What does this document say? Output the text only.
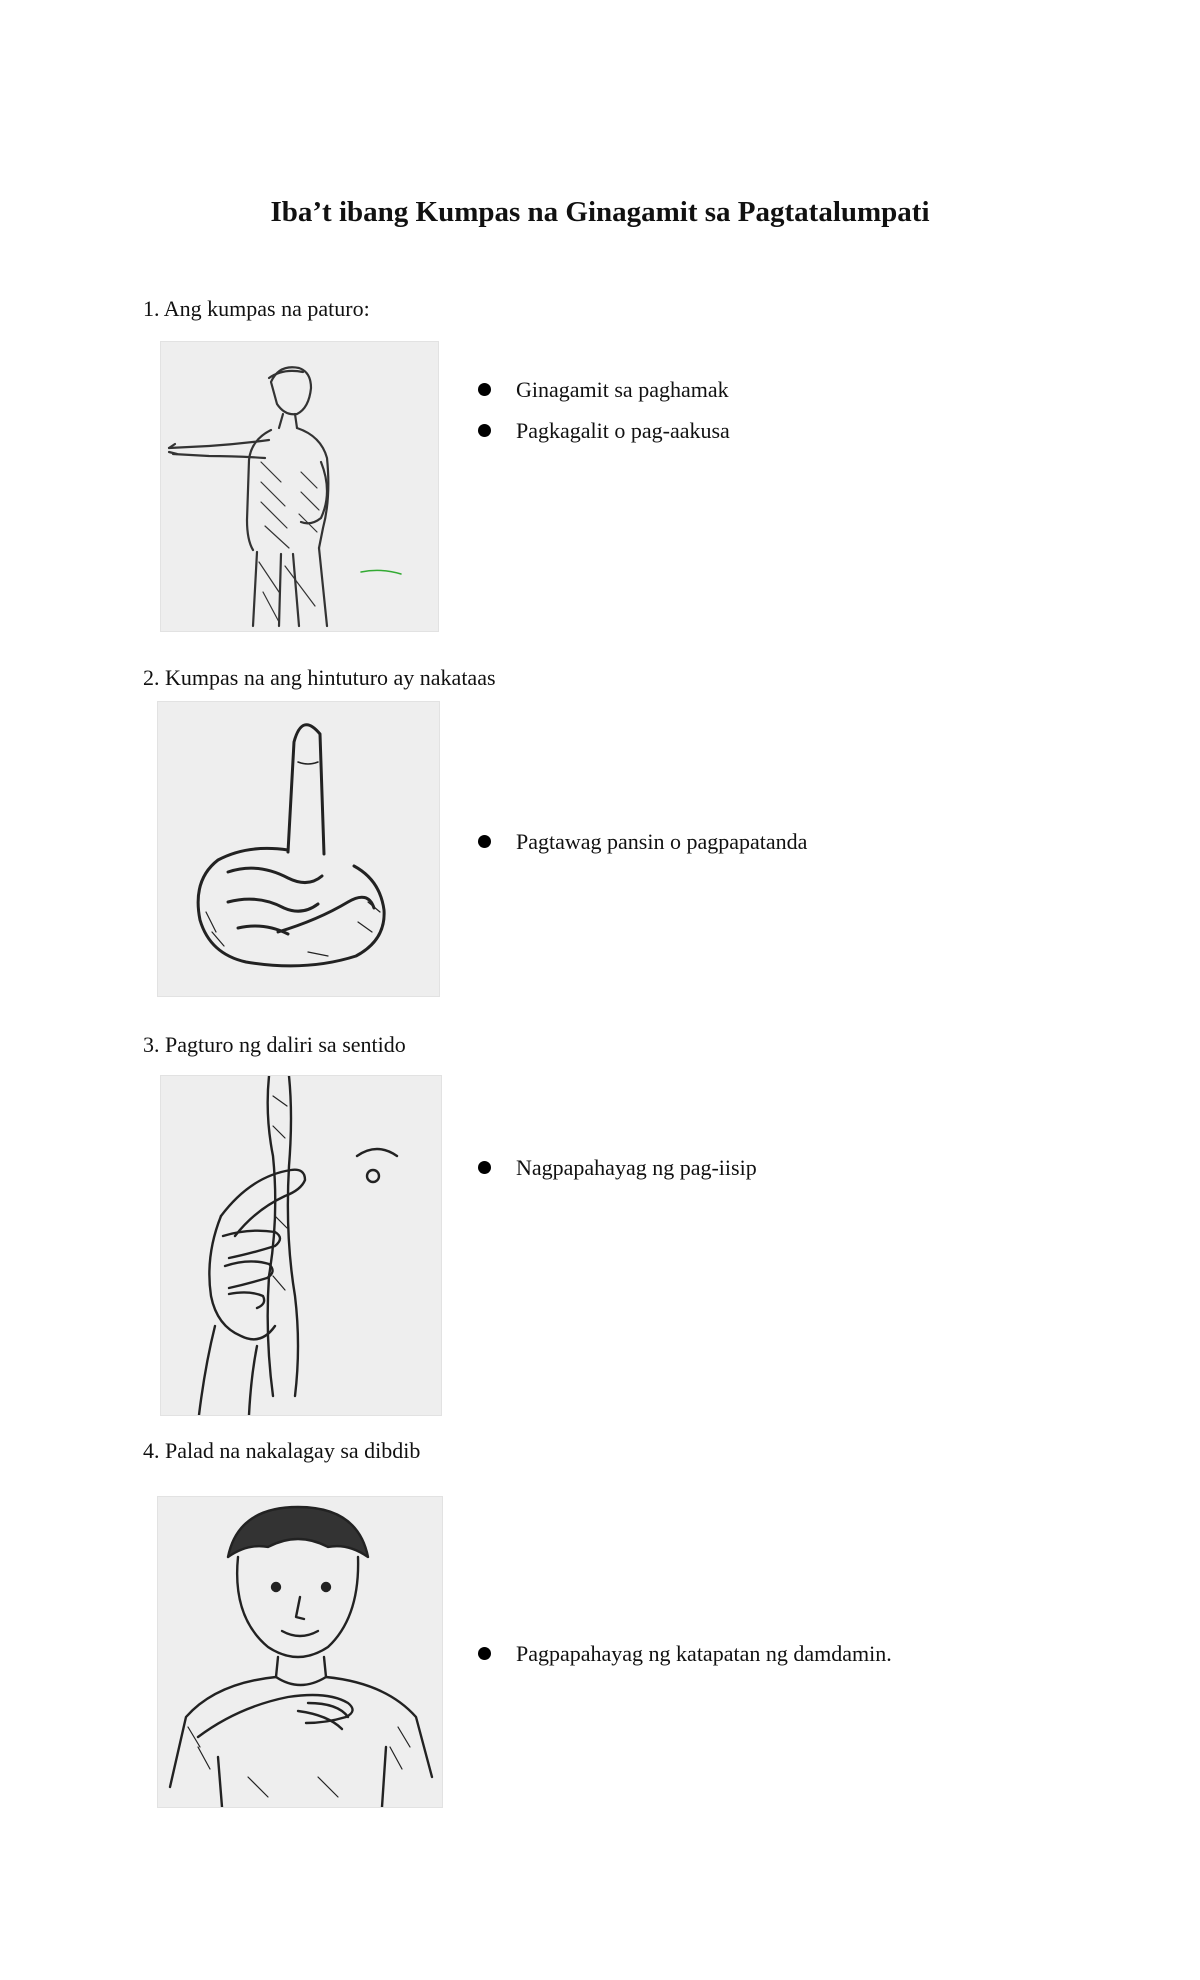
Iba’t ibang Kumpas na Ginagamit sa Pagtatalumpati
1. Ang kumpas na paturo:
Ginagamit sa paghamak
Pagkagalit o pag-aakusa
2. Kumpas na ang hintuturo ay nakataas
Pagtawag pansin o pagpapatanda
3. Pagturo ng daliri sa sentido
Nagpapahayag ng pag-iisip
4. Palad na nakalagay sa dibdib
Pagpapahayag ng katapatan ng damdamin.
